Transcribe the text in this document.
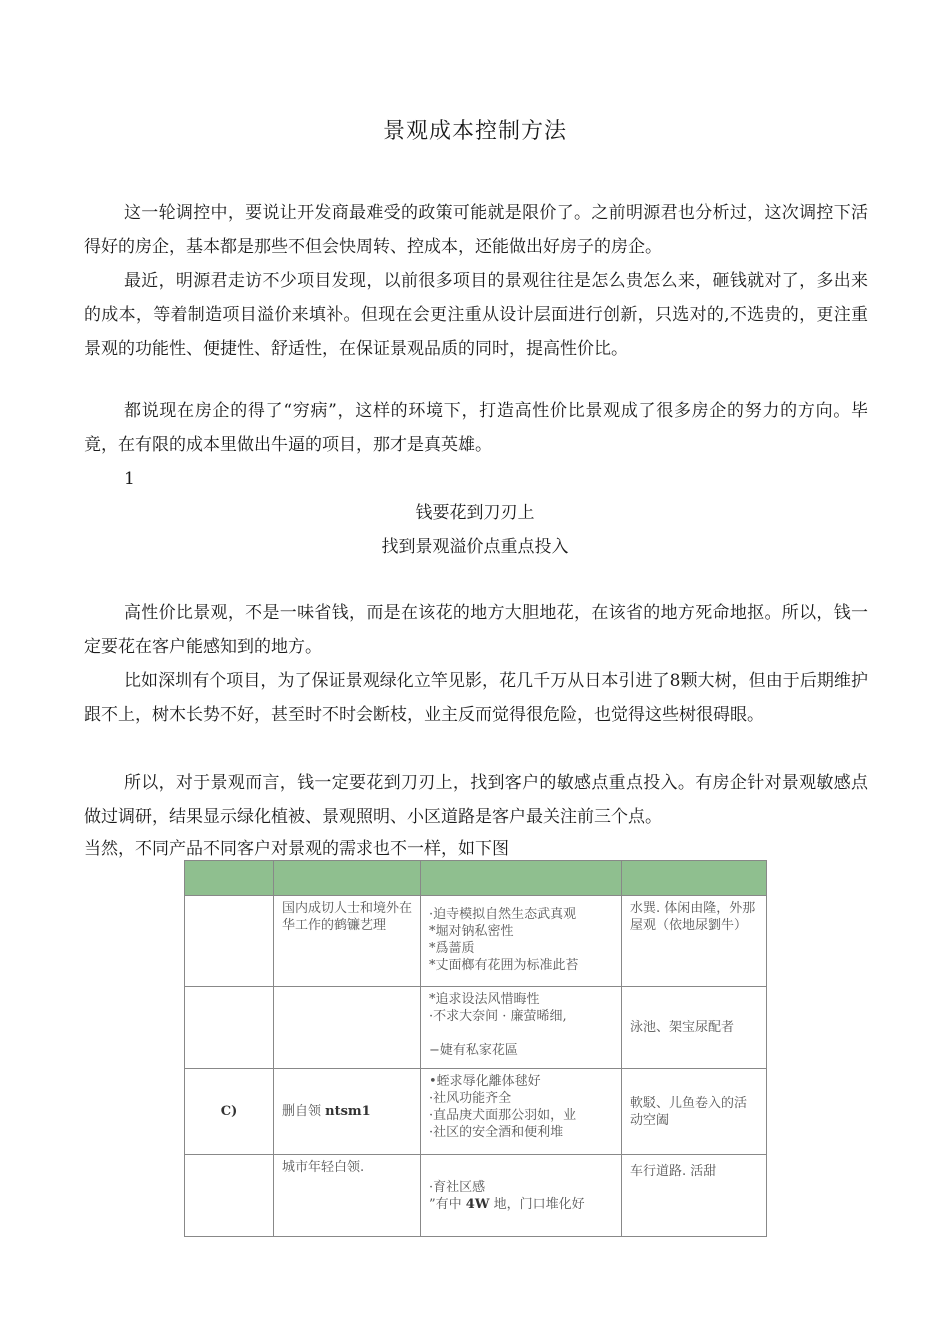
景观成本控制方法

这一轮调控中，要说让开发商最难受的政策可能就是限价了。之前明源君也分析过，这次调控下活得好的房企，基本都是那些不但会快周转、控成本，还能做出好房子的房企。

最近，明源君走访不少项目发现，以前很多项目的景观往往是怎么贵怎么来，砸钱就对了，多出来的成本，等着制造项目溢价来填补。但现在会更注重从设计层面进行创新，只选对的,不选贵的，更注重景观的功能性、便捷性、舒适性，在保证景观品质的同时，提高性价比。

都说现在房企的得了“穷病”，这样的环境下，打造高性价比景观成了很多房企的努力的方向。毕竟，在有限的成本里做出牛逼的项目，那才是真英雄。

1
钱要花到刀刃上
找到景观溢价点重点投入

高性价比景观，不是一味省钱，而是在该花的地方大胆地花，在该省的地方死命地抠。所以，钱一定要花在客户能感知到的地方。

比如深圳有个项目，为了保证景观绿化立竿见影，花几千万从日本引进了8颗大树，但由于后期维护跟不上，树木长势不好，甚至时不时会断枝，业主反而觉得很危险，也觉得这些树很碍眼。

所以，对于景观而言，钱一定要花到刀刃上，找到客户的敏感点重点投入。有房企针对景观敏感点做过调研，结果显示绿化植被、景观照明、小区道路是客户最关注前三个点。

当然，不同产品不同客户对景观的需求也不一样，如下图

	国内成切人士和境外在华工作的鹤镰艺理	·迫寺模拟自然生态武真观
*堀对钠私密性
*爲蔷质
*丈面榔有花囲为标准此苔	水巽. 体闲由隆，外那屋观（依地尿劉牛）

		*追求设法风惜晦性
·不求大奈间 · 廉萤晞细,
−婕有私家花區	泳池、架宝尿配者
C)	删自领 ntsm1	•蛭求辱化離体毬好
·社风功能齐全
·直品庚犬面那公羽如，业
·社区的安全酒和便利堆	軟駁、儿鱼卷入的活动空阖
	城市年轻白领.	·育社区感
”有中 4W 地，门口堆化好	车行道路. 活甜
